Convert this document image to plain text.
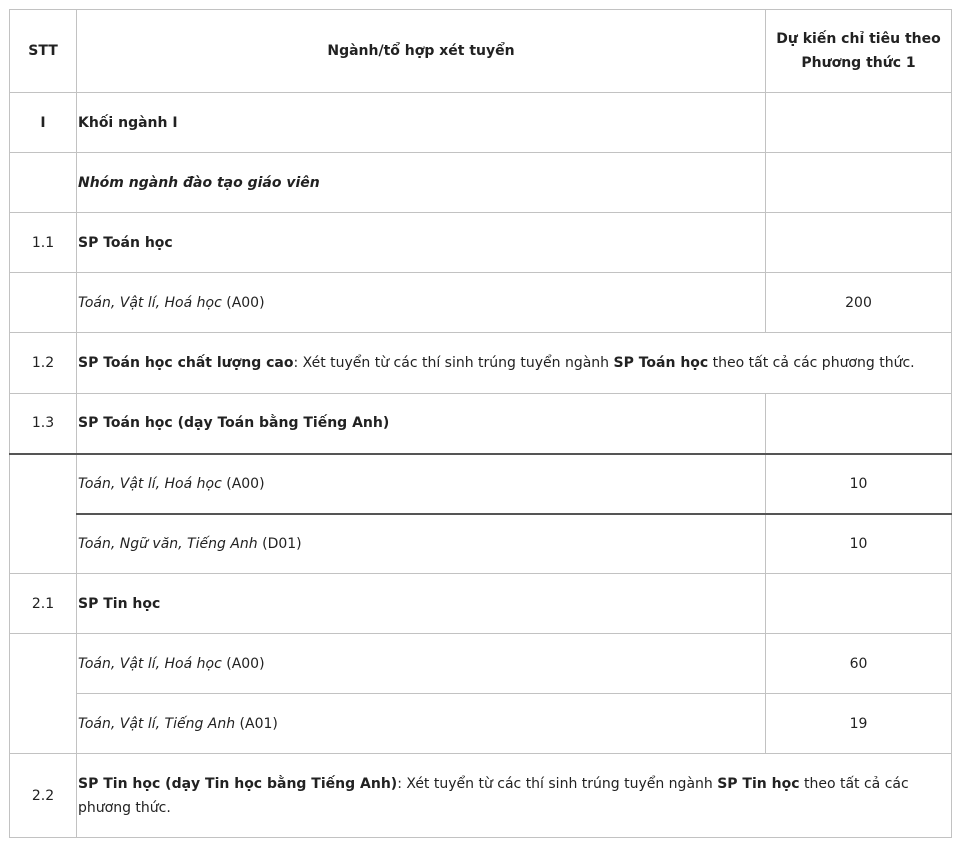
STT	Ngành/tổ hợp xét tuyển	Dự kiến chỉ tiêu theo
Phương thức 1
I	Khối ngành I	
	Nhóm ngành đào tạo giáo viên	
1.1	SP Toán học	
	Toán, Vật lí, Hoá học (A00)	200
1.2	SP Toán học chất lượng cao: Xét tuyển từ các thí sinh trúng tuyển ngành SP Toán học theo tất cả các phương thức.	
1.3	SP Toán học (dạy Toán bằng Tiếng Anh)	
	Toán, Vật lí, Hoá học (A00)	10
	Toán, Ngữ văn, Tiếng Anh (D01)	10
2.1	SP Tin học	
	Toán, Vật lí, Hoá học (A00)	60
	Toán, Vật lí, Tiếng Anh (A01)	19
2.2	SP Tin học (dạy Tin học bằng Tiếng Anh): Xét tuyển từ các thí sinh trúng tuyển ngành SP Tin học theo tất cả các phương thức.	
